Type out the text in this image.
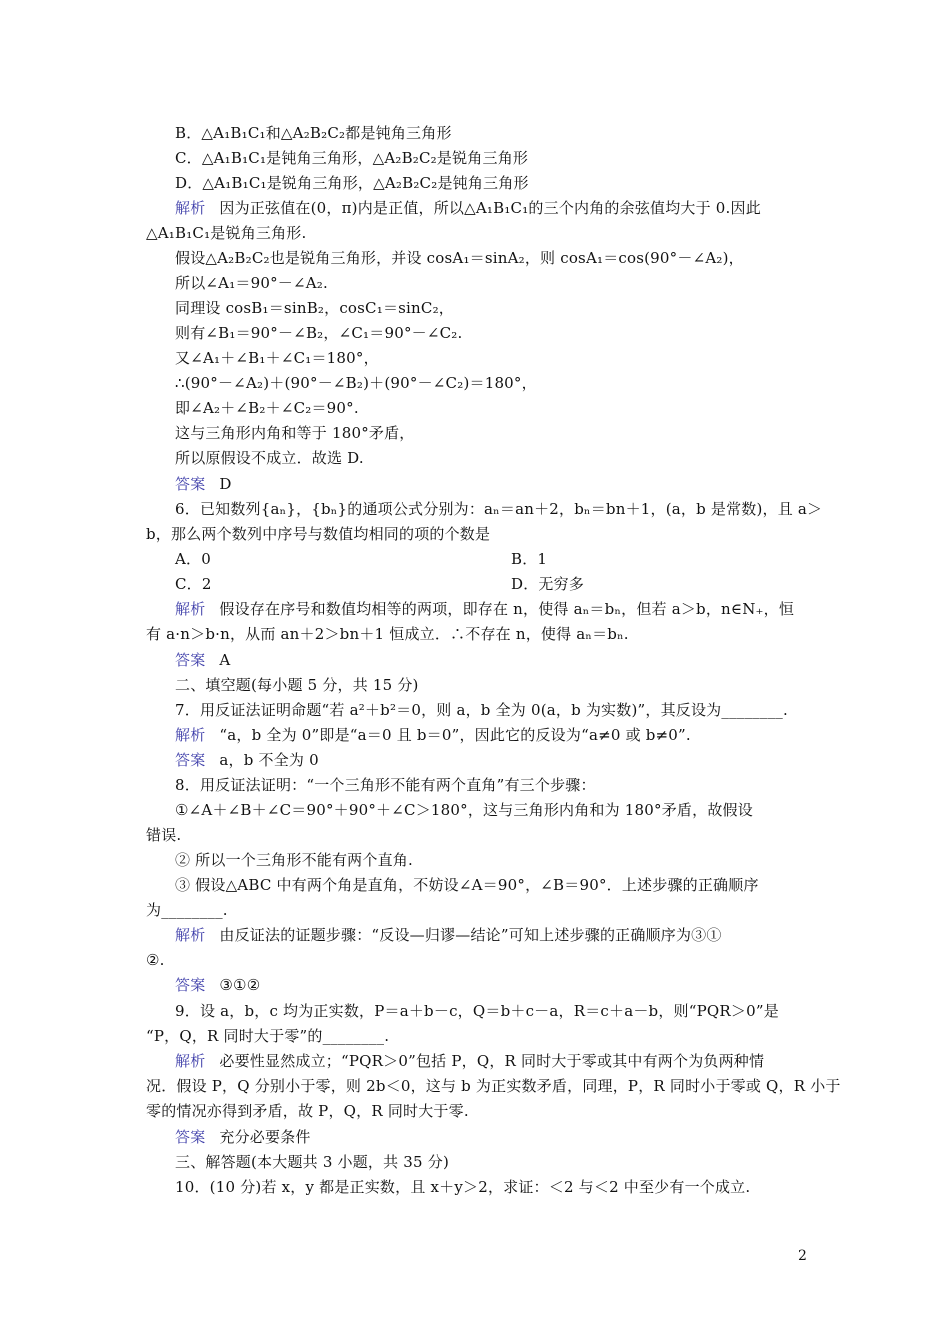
B．△A₁B₁C₁和△A₂B₂C₂都是钝角三角形
C．△A₁B₁C₁是钝角三角形，△A₂B₂C₂是锐角三角形
D．△A₁B₁C₁是锐角三角形，△A₂B₂C₂是钝角三角形
解析 因为正弦值在(0，π)内是正值，所以△A₁B₁C₁的三个内角的余弦值均大于 0.因此
△A₁B₁C₁是锐角三角形.
假设△A₂B₂C₂也是锐角三角形，并设 cosA₁＝sinA₂，则 cosA₁＝cos(90°－∠A₂)，
所以∠A₁＝90°－∠A₂.
同理设 cosB₁＝sinB₂，cosC₁＝sinC₂，
则有∠B₁＝90°－∠B₂，∠C₁＝90°－∠C₂.
又∠A₁＋∠B₁＋∠C₁＝180°，
∴(90°－∠A₂)＋(90°－∠B₂)＋(90°－∠C₂)＝180°，
即∠A₂＋∠B₂＋∠C₂＝90°.
这与三角形内角和等于 180°矛盾，
所以原假设不成立．故选 D.
答案 D
6．已知数列{aₙ}，{bₙ}的通项公式分别为：aₙ＝an＋2，bₙ＝bn＋1，(a，b 是常数)，且 a＞
b，那么两个数列中序号与数值均相同的项的个数是
A．0	B．1
C．2	D．无穷多
解析 假设存在序号和数值均相等的两项，即存在 n，使得 aₙ＝bₙ，但若 a＞b，n∈N₊，恒
有 a·n＞b·n，从而 an＋2＞bn＋1 恒成立．∴不存在 n，使得 aₙ＝bₙ.
答案 A
二、填空题(每小题 5 分，共 15 分)
7．用反证法证明命题“若 a²＋b²＝0，则 a，b 全为 0(a，b 为实数)”，其反设为________.
解析 “a，b 全为 0”即是“a＝0 且 b＝0”，因此它的反设为“a≠0 或 b≠0”.
答案 a，b 不全为 0
8．用反证法证明：“一个三角形不能有两个直角”有三个步骤：
①∠A＋∠B＋∠C＝90°＋90°＋∠C＞180°，这与三角形内角和为 180°矛盾，故假设
错误.
② 所以一个三角形不能有两个直角.
③ 假设△ABC 中有两个角是直角，不妨设∠A＝90°，∠B＝90°．上述步骤的正确顺序
为________.
解析 由反证法的证题步骤：“反设—归谬—结论”可知上述步骤的正确顺序为③①
②.
答案 ③①②
9．设 a，b，c 均为正实数，P＝a＋b－c，Q＝b＋c－a，R＝c＋a－b，则“PQR＞0”是
“P，Q，R 同时大于零”的________.
解析 必要性显然成立；“PQR＞0”包括 P，Q，R 同时大于零或其中有两个为负两种情
况．假设 P，Q 分别小于零，则 2b＜0，这与 b 为正实数矛盾，同理，P，R 同时小于零或 Q，R 小于
零的情况亦得到矛盾，故 P，Q，R 同时大于零.
答案 充分必要条件
三、解答题(本大题共 3 小题，共 35 分)
10．(10 分)若 x，y 都是正实数，且 x＋y＞2，求证：＜2 与＜2 中至少有一个成立.
2
